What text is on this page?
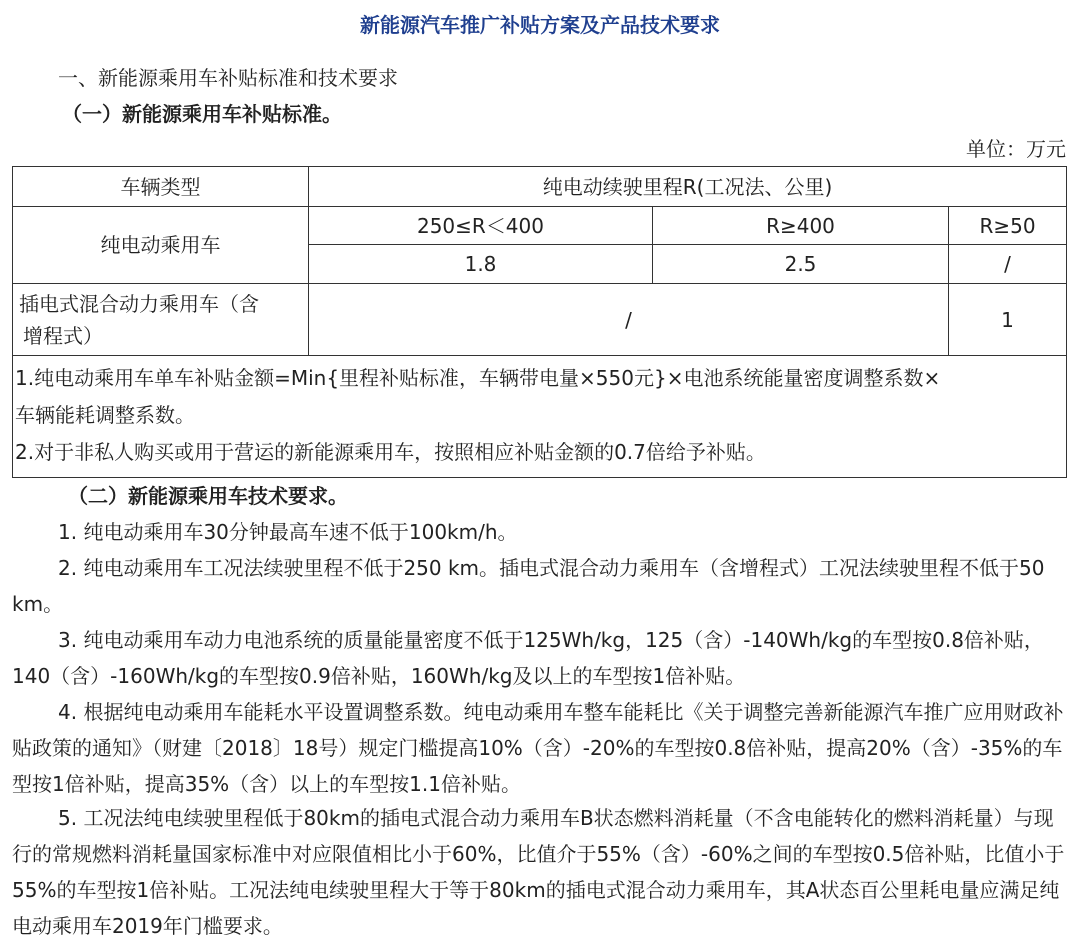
新能源汽车推广补贴方案及产品技术要求
一、新能源乘用车补贴标准和技术要求
（一）新能源乘用车补贴标准。
单位：万元
车辆类型	纯电动续驶里程R(工况法、公里)		
纯电动乘用车	250≤R＜400	R≥400	R≥50
	1.8	2.5	/
插电式混合动力乘用车（含
增程式）	/		1
1.纯电动乘用车单车补贴金额=Min{里程补贴标准，车辆带电量×550元}×电池系统能量密度调整系数×
车辆能耗调整系数。
2.对于非私人购买或用于营运的新能源乘用车，按照相应补贴金额的0.7倍给予补贴。			
（二）新能源乘用车技术要求。

1. 纯电动乘用车30分钟最高车速不低于100km/h。

2. 纯电动乘用车工况法续驶里程不低于250 km。插电式混合动力乘用车（含增程式）工况法续驶里程不低于50 km。

3. 纯电动乘用车动力电池系统的质量能量密度不低于125Wh/kg，125（含）-140Wh/kg的车型按0.8倍补贴，140（含）-160Wh/kg的车型按0.9倍补贴，160Wh/kg及以上的车型按1倍补贴。

4. 根据纯电动乘用车能耗水平设置调整系数。纯电动乘用车整车能耗比《关于调整完善新能源汽车推广应用财政补贴政策的通知》（财建〔2018〕18号）规定门槛提高10%（含）-20%的车型按0.8倍补贴，提高20%（含）-35%的车型按1倍补贴，提高35%（含）以上的车型按1.1倍补贴。

5. 工况法纯电续驶里程低于80km的插电式混合动力乘用车B状态燃料消耗量（不含电能转化的燃料消耗量）与现行的常规燃料消耗量国家标准中对应限值相比小于60%，比值介于55%（含）-60%之间的车型按0.5倍补贴，比值小于55%的车型按1倍补贴。工况法纯电续驶里程大于等于80km的插电式混合动力乘用车，其A状态百公里耗电量应满足纯电动乘用车2019年门槛要求。
